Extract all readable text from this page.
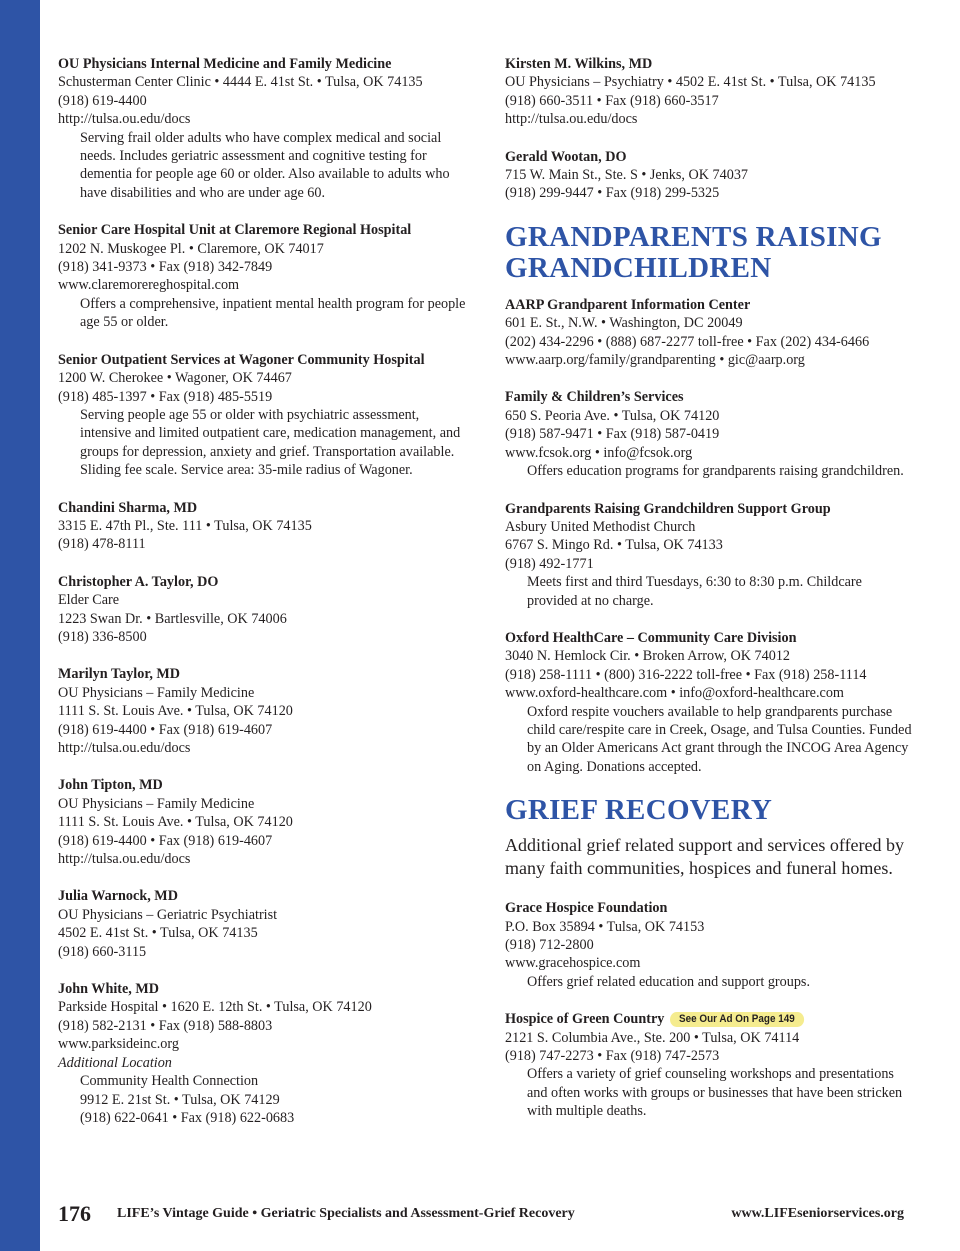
OU Physicians Internal Medicine and Family Medicine
Schusterman Center Clinic • 4444 E. 41st St. • Tulsa, OK 74135
(918) 619-4400
http://tulsa.ou.edu/docs
Serving frail older adults who have complex medical and social needs. Includes geriatric assessment and cognitive testing for dementia for people age 60 or older. Also available to adults who have disabilities and who are under age 60.
Senior Care Hospital Unit at Claremore Regional Hospital
1202 N. Muskogee Pl. • Claremore, OK 74017
(918) 341-9373 • Fax (918) 342-7849
www.claremorereghospital.com
Offers a comprehensive, inpatient mental health program for people age 55 or older.
Senior Outpatient Services at Wagoner Community Hospital
1200 W. Cherokee • Wagoner, OK 74467
(918) 485-1397 • Fax (918) 485-5519
Serving people age 55 or older with psychiatric assessment, intensive and limited outpatient care, medication management, and groups for depression, anxiety and grief. Transportation available. Sliding fee scale. Service area: 35-mile radius of Wagoner.
Chandini Sharma, MD
3315 E. 47th Pl., Ste. 111 • Tulsa, OK 74135
(918) 478-8111
Christopher A. Taylor, DO
Elder Care
1223 Swan Dr. • Bartlesville, OK 74006
(918) 336-8500
Marilyn Taylor, MD
OU Physicians – Family Medicine
1111 S. St. Louis Ave. • Tulsa, OK 74120
(918) 619-4400 • Fax (918) 619-4607
http://tulsa.ou.edu/docs
John Tipton, MD
OU Physicians – Family Medicine
1111 S. St. Louis Ave. • Tulsa, OK 74120
(918) 619-4400 • Fax (918) 619-4607
http://tulsa.ou.edu/docs
Julia Warnock, MD
OU Physicians – Geriatric Psychiatrist
4502 E. 41st St. • Tulsa, OK 74135
(918) 660-3115
John White, MD
Parkside Hospital • 1620 E. 12th St. • Tulsa, OK 74120
(918) 582-2131 • Fax (918) 588-8803
www.parksideinc.org
Additional Location
Community Health Connection
9912 E. 21st St. • Tulsa, OK 74129
(918) 622-0641 • Fax (918) 622-0683
Kirsten M. Wilkins, MD
OU Physicians – Psychiatry • 4502 E. 41st St. • Tulsa, OK 74135
(918) 660-3511 • Fax (918) 660-3517
http://tulsa.ou.edu/docs
Gerald Wootan, DO
715 W. Main St., Ste. S • Jenks, OK 74037
(918) 299-9447 • Fax (918) 299-5325
GRANDPARENTS RAISING
GRANDCHILDREN
AARP Grandparent Information Center
601 E. St., N.W. • Washington, DC 20049
(202) 434-2296 • (888) 687-2277 toll-free • Fax (202) 434-6466
www.aarp.org/family/grandparenting • gic@aarp.org
Family & Children’s Services
650 S. Peoria Ave. • Tulsa, OK 74120
(918) 587-9471 • Fax (918) 587-0419
www.fcsok.org • info@fcsok.org
Offers education programs for grandparents raising grandchildren.
Grandparents Raising Grandchildren Support Group
Asbury United Methodist Church
6767 S. Mingo Rd. • Tulsa, OK 74133
(918) 492-1771
Meets first and third Tuesdays, 6:30 to 8:30 p.m. Childcare provided at no charge.
Oxford HealthCare – Community Care Division
3040 N. Hemlock Cir. • Broken Arrow, OK 74012
(918) 258-1111 • (800) 316-2222 toll-free • Fax (918) 258-1114
www.oxford-healthcare.com • info@oxford-healthcare.com
Oxford respite vouchers available to help grandparents purchase child care/respite care in Creek, Osage, and Tulsa Counties. Funded by an Older Americans Act grant through the INCOG Area Agency on Aging. Donations accepted.
GRIEF RECOVERY
Additional grief related support and services offered by many faith communities, hospices and funeral homes.
Grace Hospice Foundation
P.O. Box 35894 • Tulsa, OK 74153
(918) 712-2800
www.gracehospice.com
Offers grief related education and support groups.
Hospice of Green Country See Our Ad On Page 149
2121 S. Columbia Ave., Ste. 200 • Tulsa, OK 74114
(918) 747-2273 • Fax (918) 747-2573
Offers a variety of grief counseling workshops and presentations and often works with groups or businesses that have been stricken with multiple deaths.
176 LIFE’s Vintage Guide • Geriatric Specialists and Assessment-Grief Recovery	www.LIFEseniorservices.org
